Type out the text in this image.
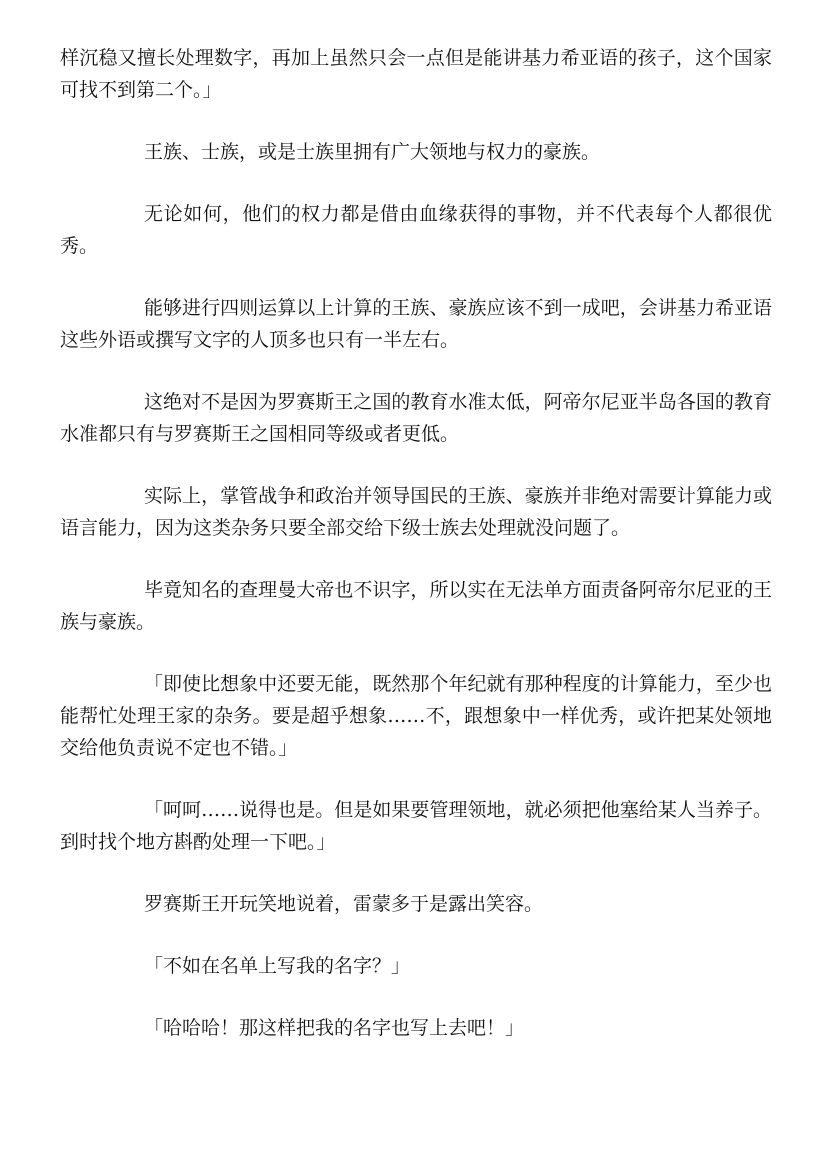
样沉稳又擅长处理数字，再加上虽然只会一点但是能讲基力希亚语的孩子，这个国家可找不到第二个。」

王族、士族，或是士族里拥有广大领地与权力的豪族。

无论如何，他们的权力都是借由血缘获得的事物，并不代表每个人都很优秀。

能够进行四则运算以上计算的王族、豪族应该不到一成吧，会讲基力希亚语这些外语或撰写文字的人顶多也只有一半左右。

这绝对不是因为罗赛斯王之国的教育水准太低，阿帝尔尼亚半岛各国的教育水准都只有与罗赛斯王之国相同等级或者更低。

实际上，掌管战争和政治并领导国民的王族、豪族并非绝对需要计算能力或语言能力，因为这类杂务只要全部交给下级士族去处理就没问题了。

毕竟知名的查理曼大帝也不识字，所以实在无法单方面责备阿帝尔尼亚的王族与豪族。

「即使比想象中还要无能，既然那个年纪就有那种程度的计算能力，至少也能帮忙处理王家的杂务。要是超乎想象……不，跟想象中一样优秀，或许把某处领地交给他负责说不定也不错。」

「呵呵……说得也是。但是如果要管理领地，就必须把他塞给某人当养子。到时找个地方斟酌处理一下吧。」

罗赛斯王开玩笑地说着，雷蒙多于是露出笑容。

「不如在名单上写我的名字？」

「哈哈哈！那这样把我的名字也写上去吧！」
